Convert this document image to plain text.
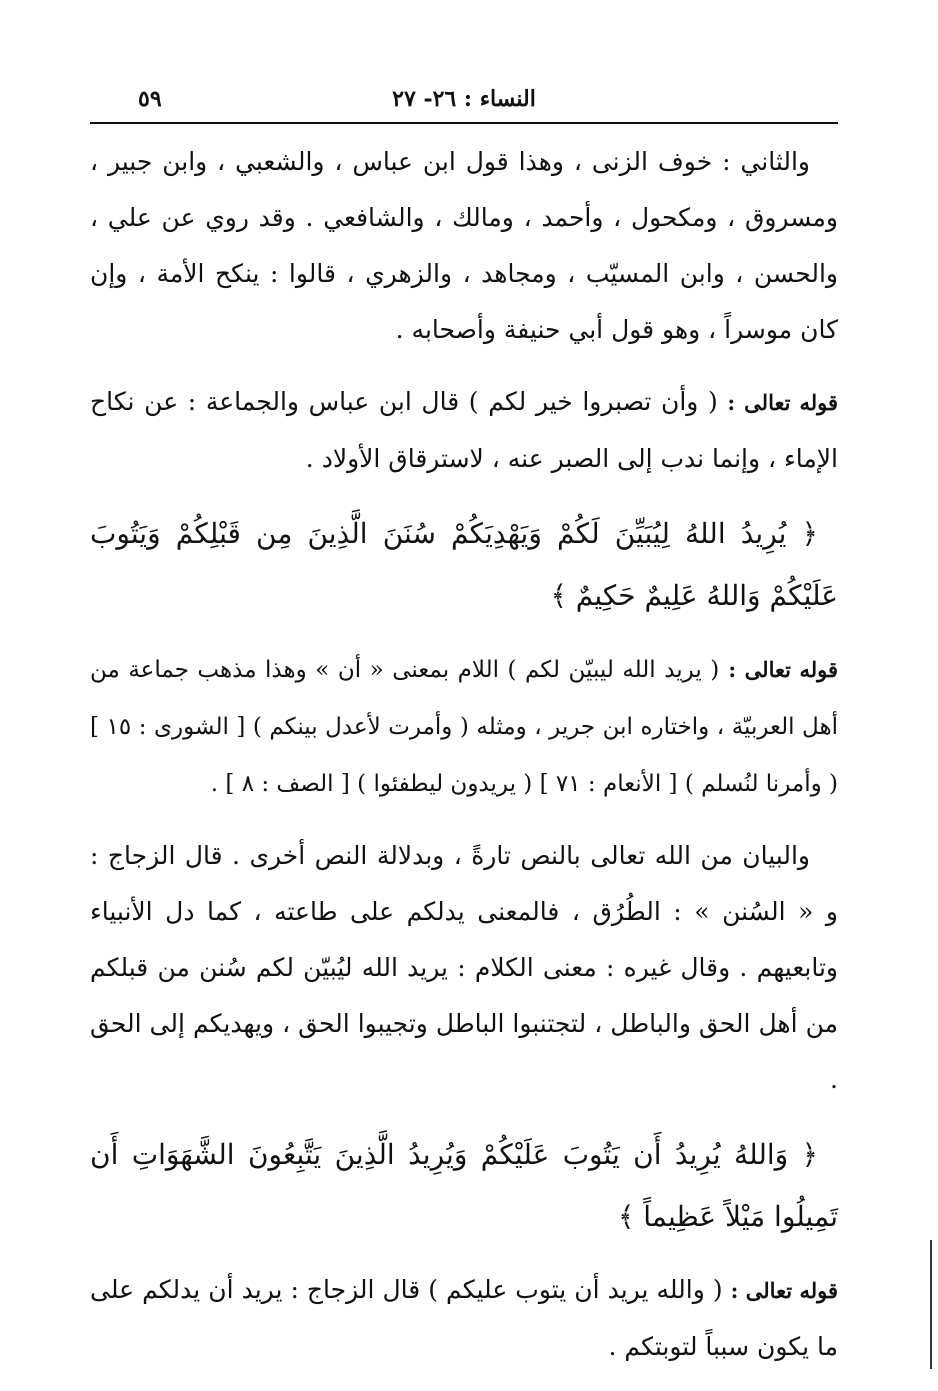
٥٩	النساء : ٢٦- ٢٧

والثاني : خوف الزنى ، وهذا قول ابن عباس ، والشعبي ، وابن جبير ، ومسروق ، ومكحول ، وأحمد ، ومالك ، والشافعي . وقد روي عن علي ، والحسن ، وابن المسيّب ، ومجاهد ، والزهري ، قالوا : ينكح الأمة ، وإن كان موسراً ، وهو قول أبي حنيفة وأصحابه .

قوله تعالى : ( وأن تصبروا خير لكم ) قال ابن عباس والجماعة : عن نكاح الإماء ، وإنما ندب إلى الصبر عنه ، لاسترقاق الأولاد .

﴿ يُرِيدُ اللهُ لِيُبَيِّنَ لَكُمْ وَيَهْدِيَكُمْ سُنَنَ الَّذِينَ مِن قَبْلِكُمْ وَيَتُوبَ عَلَيْكُمْ وَاللهُ عَلِيمٌ حَكِيمٌ ﴾

قوله تعالى : ( يريد الله ليبيّن لكم ) اللام بمعنى « أن » وهذا مذهب جماعة من أهل العربيّة ، واختاره ابن جرير ، ومثله ( وأمرت لأعدل بينكم ) [ الشورى : ١٥ ] ( وأمرنا لنُسلم ) [ الأنعام : ٧١ ] ( يريدون ليطفئوا ) [ الصف : ٨ ] .

والبيان من الله تعالى بالنص تارةً ، وبدلالة النص أخرى . قال الزجاج : و « السُنن » : الطُرُق ، فالمعنى يدلكم على طاعته ، كما دل الأنبياء وتابعيهم . وقال غيره : معنى الكلام : يريد الله ليُبيّن لكم سُنن من قبلكم من أهل الحق والباطل ، لتجتنبوا الباطل وتجيبوا الحق ، ويهديكم إلى الحق .

﴿ وَاللهُ يُرِيدُ أَن يَتُوبَ عَلَيْكُمْ وَيُرِيدُ الَّذِينَ يَتَّبِعُونَ الشَّهَوَاتِ أَن تَمِيلُوا مَيْلاً عَظِيماً ﴾

قوله تعالى : ( والله يريد أن يتوب عليكم ) قال الزجاج : يريد أن يدلكم على ما يكون سبباً لتوبتكم .
